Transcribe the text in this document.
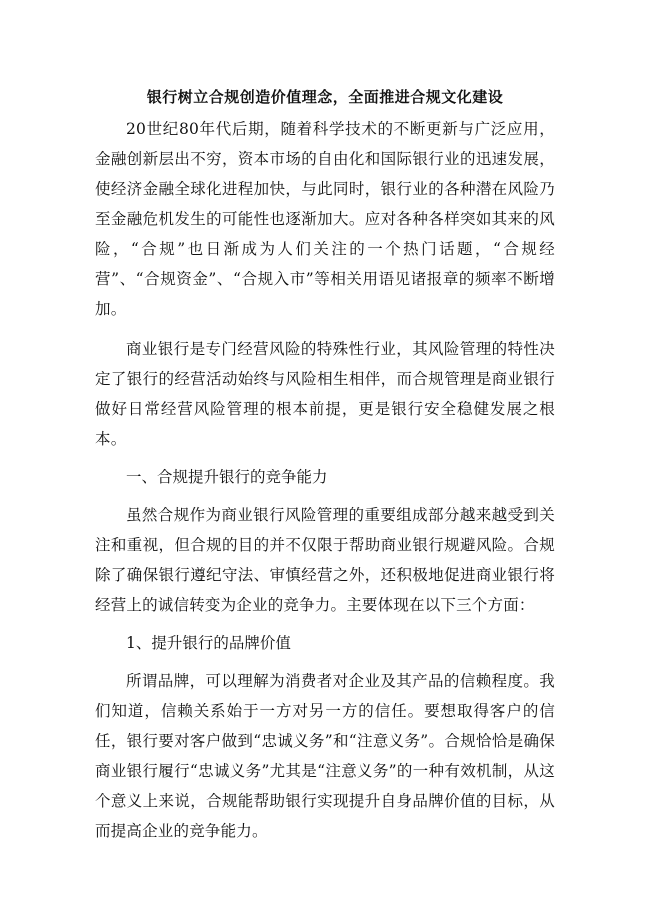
银行树立合规创造价值理念，全面推进合规文化建设

20世纪80年代后期，随着科学技术的不断更新与广泛应用，金融创新层出不穷，资本市场的自由化和国际银行业的迅速发展，使经济金融全球化进程加快，与此同时，银行业的各种潜在风险乃至金融危机发生的可能性也逐渐加大。应对各种各样突如其来的风险，“合规”也日渐成为人们关注的一个热门话题，“合规经营”、“合规资金”、“合规入市”等相关用语见诸报章的频率不断增加。

商业银行是专门经营风险的特殊性行业，其风险管理的特性决定了银行的经营活动始终与风险相生相伴，而合规管理是商业银行做好日常经营风险管理的根本前提，更是银行安全稳健发展之根本。

一、合规提升银行的竞争能力

虽然合规作为商业银行风险管理的重要组成部分越来越受到关注和重视，但合规的目的并不仅限于帮助商业银行规避风险。合规除了确保银行遵纪守法、审慎经营之外，还积极地促进商业银行将经营上的诚信转变为企业的竞争力。主要体现在以下三个方面：

1、提升银行的品牌价值

所谓品牌，可以理解为消费者对企业及其产品的信赖程度。我们知道，信赖关系始于一方对另一方的信任。要想取得客户的信任，银行要对客户做到“忠诚义务”和“注意义务”。合规恰恰是确保商业银行履行“忠诚义务”尤其是“注意义务”的一种有效机制，从这个意义上来说，合规能帮助银行实现提升自身品牌价值的目标，从而提高企业的竞争能力。
